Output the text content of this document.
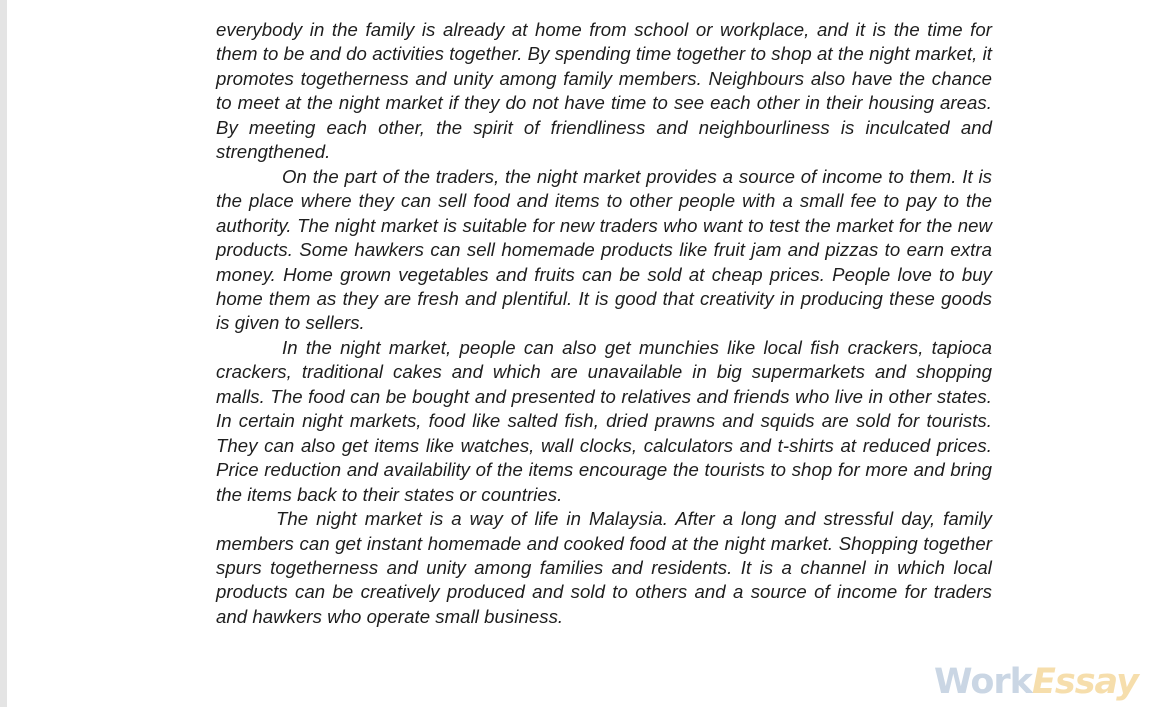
everybody in the family is already at home from school or workplace, and it is the time for them to be and do activities together. By spending time together to shop at the night market, it promotes togetherness and unity among family members. Neighbours also have the chance to meet at the night market if they do not have time to see each other in their housing areas. By meeting each other, the spirit of friendliness and neighbourliness is inculcated and strengthened.

On the part of the traders, the night market provides a source of income to them. It is the place where they can sell food and items to other people with a small fee to pay to the authority. The night market is suitable for new traders who want to test the market for the new products. Some hawkers can sell homemade products like fruit jam and pizzas to earn extra money. Home grown vegetables and fruits can be sold at cheap prices. People love to buy home them as they are fresh and plentiful. It is good that creativity in producing these goods is given to sellers.

In the night market, people can also get munchies like local fish crackers, tapioca crackers, traditional cakes and which are unavailable in big supermarkets and shopping malls. The food can be bought and presented to relatives and friends who live in other states. In certain night markets, food like salted fish, dried prawns and squids are sold for tourists. They can also get items like watches, wall clocks, calculators and t-shirts at reduced prices. Price reduction and availability of the items encourage the tourists to shop for more and bring the items back to their states or countries.

The night market is a way of life in Malaysia. After a long and stressful day, family members can get instant homemade and cooked food at the night market. Shopping together spurs togetherness and unity among families and residents. It is a channel in which local products can be creatively produced and sold to others and a source of income for traders and hawkers who operate small business.

WorkEssay
